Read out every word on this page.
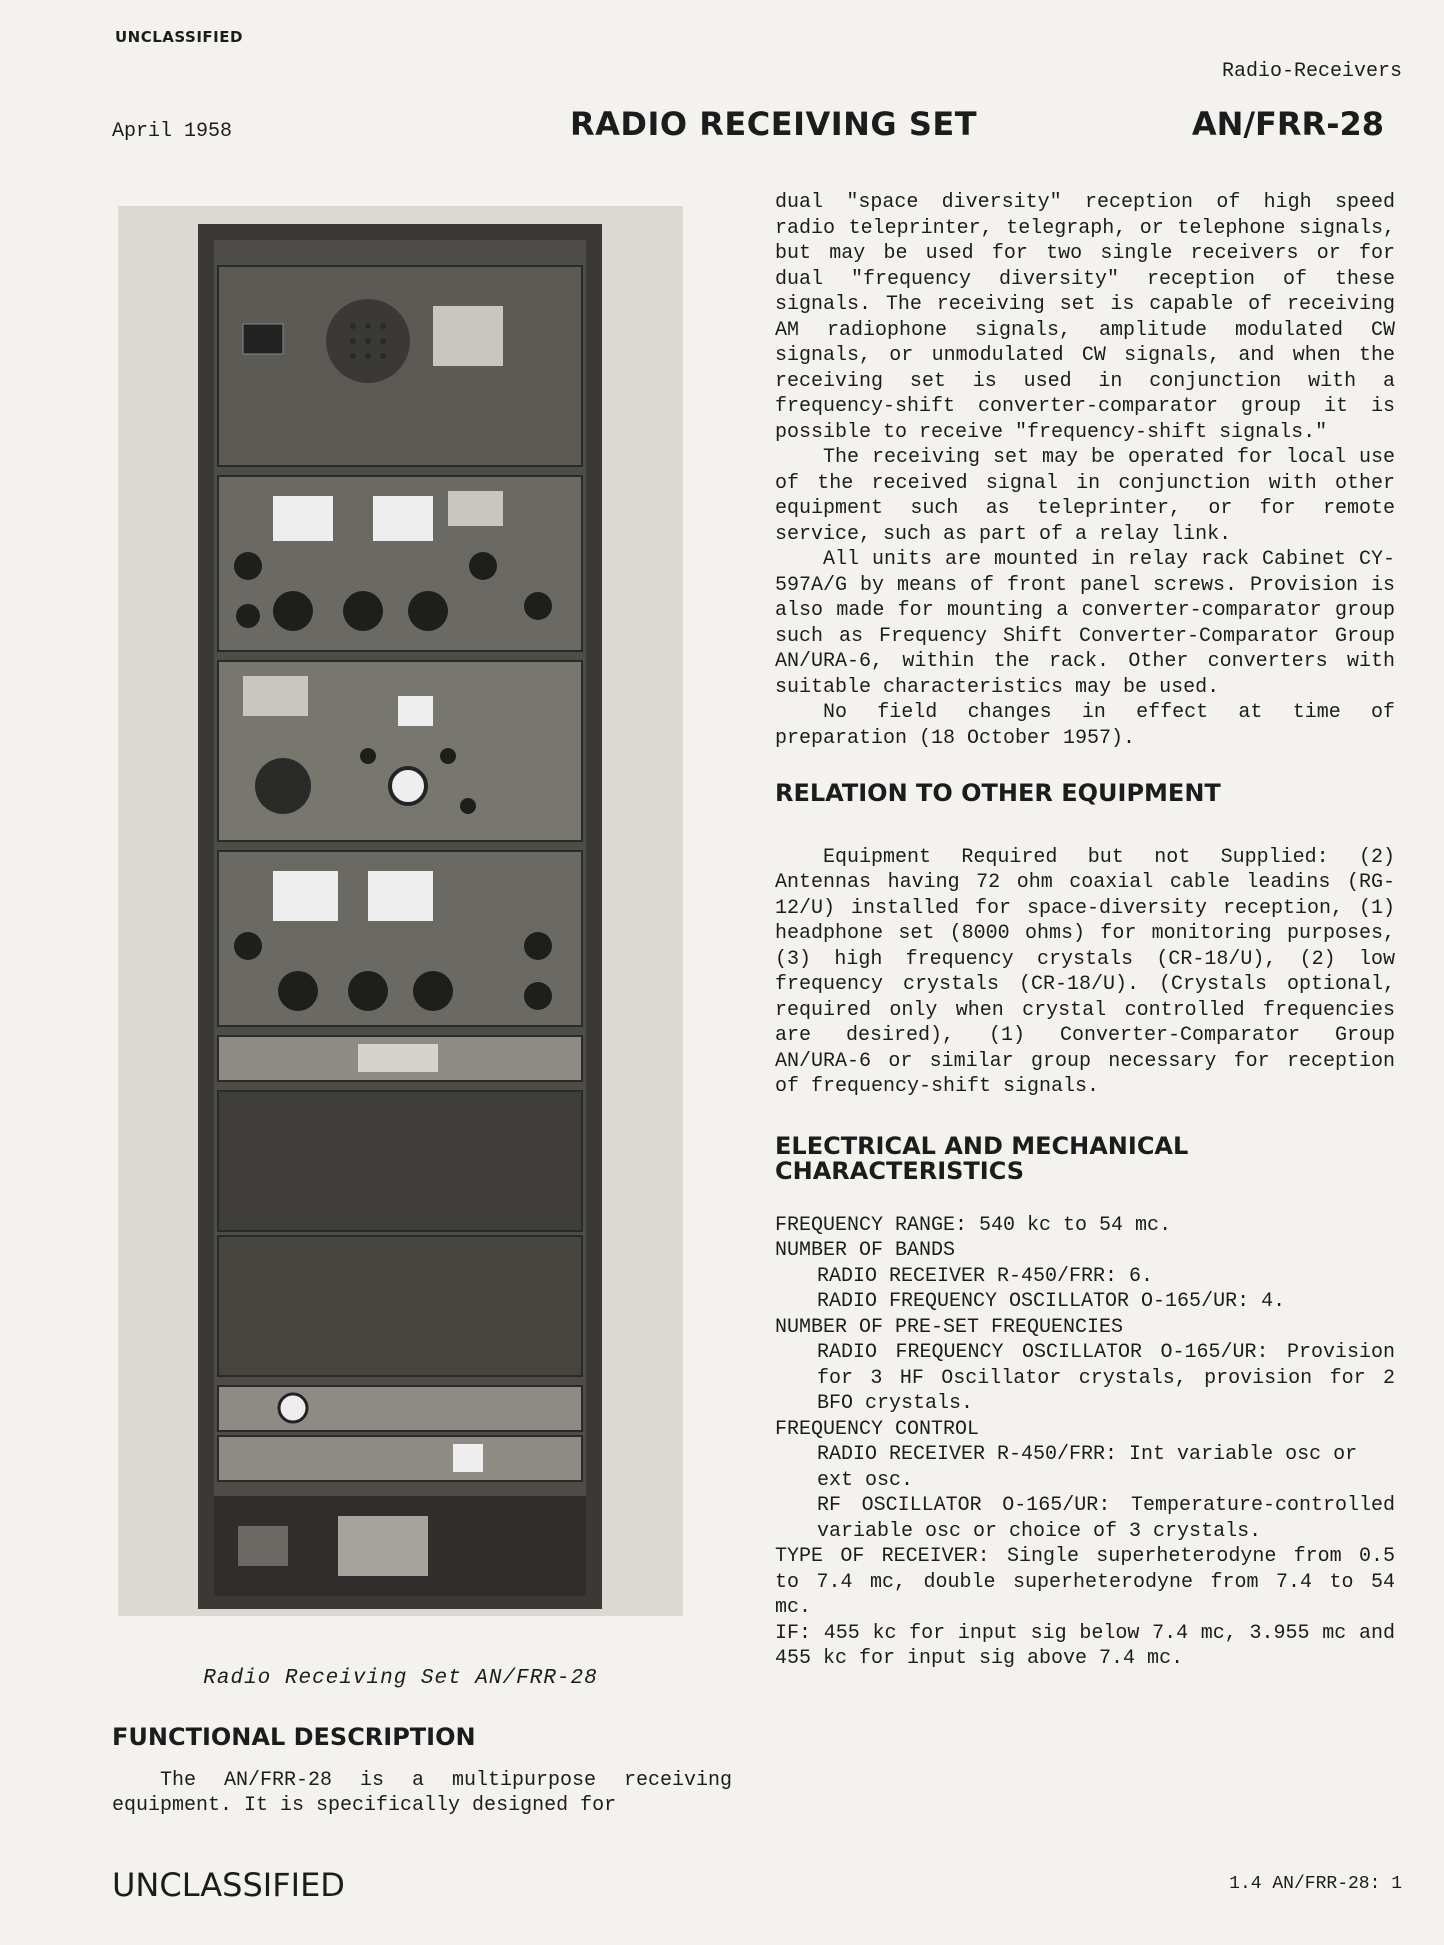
UNCLASSIFIED
Radio-Receivers
April 1958	RADIO RECEIVING SET	AN/FRR-28
Radio Receiving Set AN/FRR-28
FUNCTIONAL DESCRIPTION
The AN/FRR-28 is a multipurpose receiving equipment. It is specifically designed for

dual "space diversity" reception of high speed radio teleprinter, telegraph, or telephone signals, but may be used for two single receivers or for dual "frequency diversity" reception of these signals. The receiving set is capable of receiving AM radiophone signals, amplitude modulated CW signals, or unmodulated CW signals, and when the receiving set is used in conjunction with a frequency-shift converter-comparator group it is possible to receive "frequency-shift signals."

The receiving set may be operated for local use of the received signal in conjunction with other equipment such as teleprinter, or for remote service, such as part of a relay link.

All units are mounted in relay rack Cabinet CY-597A/G by means of front panel screws. Provision is also made for mounting a converter-comparator group such as Frequency Shift Converter-Comparator Group AN/URA-6, within the rack. Other converters with suitable characteristics may be used.

No field changes in effect at time of preparation (18 October 1957).

RELATION TO OTHER EQUIPMENT

Equipment Required but not Supplied: (2) Antennas having 72 ohm coaxial cable leadins (RG-12/U) installed for space-diversity reception, (1) headphone set (8000 ohms) for monitoring purposes, (3) high frequency crystals (CR-18/U), (2) low frequency crystals (CR-18/U). (Crystals optional, required only when crystal controlled frequencies are desired), (1) Converter-Comparator Group AN/URA-6 or similar group necessary for reception of frequency-shift signals.

ELECTRICAL AND MECHANICAL CHARACTERISTICS

FREQUENCY RANGE: 540 kc to 54 mc.

NUMBER OF BANDS

RADIO RECEIVER R-450/FRR: 6.

RADIO FREQUENCY OSCILLATOR O-165/UR: 4.

NUMBER OF PRE-SET FREQUENCIES

RADIO FREQUENCY OSCILLATOR O-165/UR: Provision for 3 HF Oscillator crystals, provision for 2 BFO crystals.

FREQUENCY CONTROL

RADIO RECEIVER R-450/FRR: Int variable osc or ext osc.

RF OSCILLATOR O-165/UR: Temperature-controlled variable osc or choice of 3 crystals.

TYPE OF RECEIVER: Single superheterodyne from 0.5 to 7.4 mc, double superheterodyne from 7.4 to 54 mc.

IF: 455 kc for input sig below 7.4 mc, 3.955 mc and 455 kc for input sig above 7.4 mc.

UNCLASSIFIED	1.4 AN/FRR-28: 1
